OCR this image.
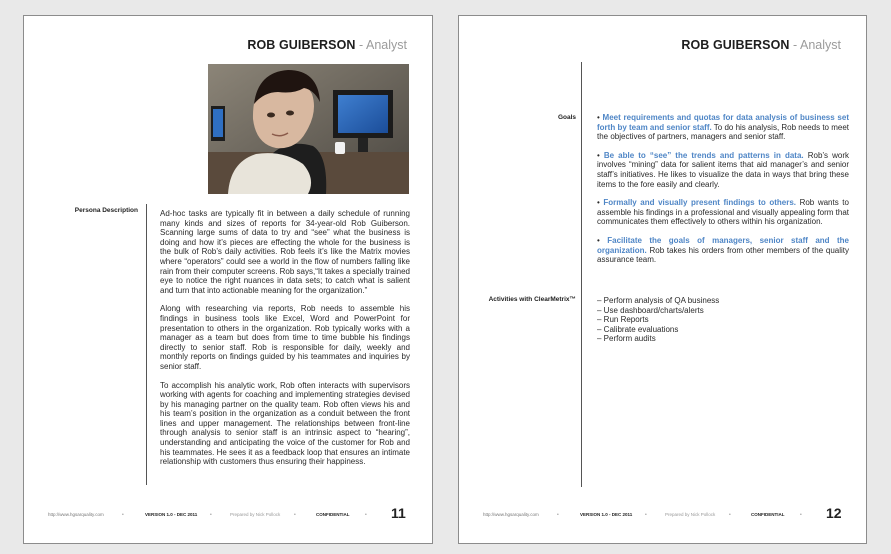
ROB GUIBERSON - Analyst
Persona Description	Ad-hoc tasks are typically fit in between a daily schedule of running many kinds and sizes of reports for 34-year-old Rob Guiberson. Scanning large sums of data to try and “see” what the business is doing and how it’s pieces are effecting the whole for the business is the bulk of Rob’s daily activities. Rob feels it’s like the Matrix movies where “operators” could see a world in the flow of numbers falling like rain from their computer screens. Rob says,“It takes a specially trained eye to notice the right nuances in data sets; to catch what is salient and turn that into actionable meaning for the organization.”

Along with researching via reports, Rob needs to assemble his findings in business tools like Excel, Word and PowerPoint for presentation to others in the organization. Rob typically works with a manager as a team but does from time to time bubble his findings directly to senior staff. Rob is responsible for daily, weekly and monthly reports on findings guided by his teammates and inquiries by senior staff.

To accomplish his analytic work, Rob often interacts with supervisors working with agents for coaching and implementing strategies devised by his managing partner on the quality team. Rob often views his and his team’s position in the organization as a conduit between the front lines and upper management. The relationships between front-line through analysis to senior staff is an intrinsic aspect to “hearing”, understanding and anticipating the voice of the customer for Rob and his teammates. He sees it as a feedback loop that ensures an intimate relationship with customers thus ensuring their happiness.

http://www.hgsarquality.com	•	VERSION 1.0 - DEC 2011	•	Prepared by Nick Pollock	•	CONFIDENTIAL	• 11
ROB GUIBERSON - Analyst
Goals	• Meet requirements and quotas for data analysis of business set forth by team and senior staff. To do his analysis, Rob needs to meet the objectives of partners, managers and senior staff.
• Be able to “see” the trends and patterns in data. Rob’s work involves “mining” data for salient items that aid manager’s and senior staff’s initiatives. He likes to visualize the data in ways that bring these items to the fore easily and clearly.
• Formally and visually present findings to others. Rob wants to assemble his findings in a professional and visually appealing form that communicates them effectively to others within his organization.
• Facilitate the goals of managers, senior staff and the organization. Rob takes his orders from other members of the quality assurance team.
Activities with ClearMetrix™	– Perform analysis of QA business
– Use dashboard/charts/alerts
– Run Reports
– Calibrate evaluations
– Perform audits
http://www.hgsarquality.com	•	VERSION 1.0 - DEC 2011	•	Prepared by Nick Pollock	•	CONFIDENTIAL	• 12
